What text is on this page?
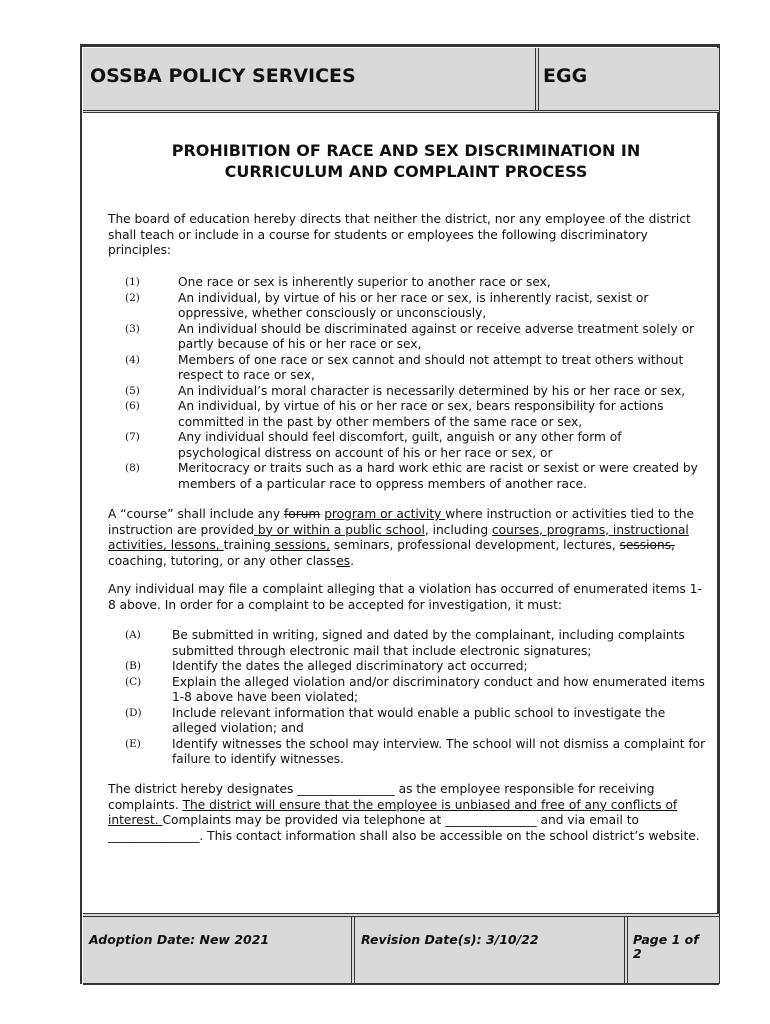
OSSBA POLICY SERVICES	EGG
PROHIBITION OF RACE AND SEX DISCRIMINATION IN
CURRICULUM AND COMPLAINT PROCESS
The board of education hereby directs that neither the district, nor any employee of the district shall teach or include in a course for students or employees the following discriminatory principles:
(1)	One race or sex is inherently superior to another race or sex,
(2)	An individual, by virtue of his or her race or sex, is inherently racist, sexist or oppressive, whether consciously or unconsciously,
(3)	An individual should be discriminated against or receive adverse treatment solely or partly because of his or her race or sex,
(4)	Members of one race or sex cannot and should not attempt to treat others without respect to race or sex,
(5)	An individual’s moral character is necessarily determined by his or her race or sex,
(6)	An individual, by virtue of his or her race or sex, bears responsibility for actions committed in the past by other members of the same race or sex,
(7)	Any individual should feel discomfort, guilt, anguish or any other form of psychological distress on account of his or her race or sex, or
(8)	Meritocracy or traits such as a hard work ethic are racist or sexist or were created by members of a particular race to oppress members of another race.
A “course” shall include any forum program or activity where instruction or activities tied to the instruction are provided by or within a public school, including courses, programs, instructional activities, lessons, training sessions, seminars, professional development, lectures, sessions, coaching, tutoring, or any other classes.
Any individual may file a complaint alleging that a violation has occurred of enumerated items 1-8 above. In order for a complaint to be accepted for investigation, it must:
(A)	Be submitted in writing, signed and dated by the complainant, including complaints submitted through electronic mail that include electronic signatures;
(B)	Identify the dates the alleged discriminatory act occurred;
(C)	Explain the alleged violation and/or discriminatory conduct and how enumerated items 1-8 above have been violated;
(D)	Include relevant information that would enable a public school to investigate the alleged violation; and
(E)	Identify witnesses the school may interview. The school will not dismiss a complaint for failure to identify witnesses.
The district hereby designates ________________ as the employee responsible for receiving complaints. The district will ensure that the employee is unbiased and free of any conflicts of interest. Complaints may be provided via telephone at _______________ and via email to _______________. This contact information shall also be accessible on the school district’s website.
Adoption Date: New 2021	Revision Date(s): 3/10/22	Page 1 of
2
